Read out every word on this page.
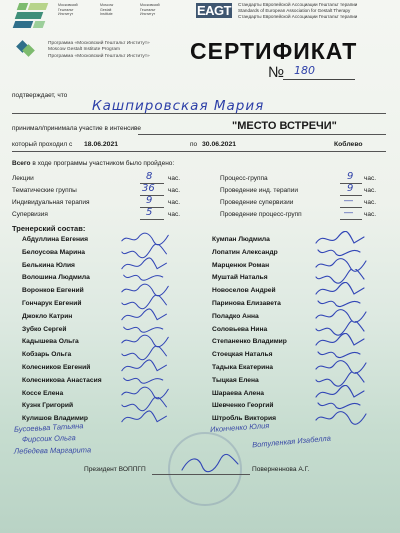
Московский
Гештальт
Институт
Moscow
Gestalt
Institute
Московский
Гештальт
Институт	EAGT Стандарты Европейской Ассоциации Гештальт терапии
Standards of European Association for Gestalt Therapy
Стандарты Европейской Ассоциации Гештальт терапии
Программа «Московский Гештальт Институт»
Moscow Gestalt Institute Program
Программа «Московский Гештальт Институт» СЕРТИФИКАТ
№ 180
подтверждает, что
Кашпировская Мария
принимал/принимала участие в интенсиве	"МЕСТО ВСТРЕЧИ"
который проходил с 18.06.2021	по 30.06.2021	Коблево
Всего в ходе программы участником было пройдено:
Лекции	8 час.
Тематические группы	36 час.
Индивидуальная терапия	9 час.
Супервизия	5 час.
Процесс-группа	9 час.
Проведение инд. терапии	9 час.
Проведение супервизии	— час.
Проведение процесс-групп	— час.
Тренерский состав:
Абдуллина Евгения
Белоусова Марина
Белькина Юлия
Волошина Людмила
Воронков Евгений
Гончарук Евгений
Джокло Катрин
Зубко Сергей
Кадышева Ольга
Кобзарь Ольга
Колесников Евгений
Колесникова Анастасия
Коссе Елена
Кузнк Григорий
Кулишов Владимир
Кумпан Людмила
Лопатин Александр
Марценюк Роман
Муштай Наталья
Новоселов Андрей
Паринова Елизавета
Поладко Анна
Соловьева Нина
Степаненко Владимир
Стоецкая Наталья
Тадыка Екатерина
Тыцкая Елена
Шараева Алена
Шевченко Георгий
Штробль Виктория
Бусоевьва Татьяна
Фирсоик Ольга
Лебедева Маргарита
Иконченко Юлия
Вотуленкая Изабелла
Президент ВОППГП	Поверненнова А.Г.
